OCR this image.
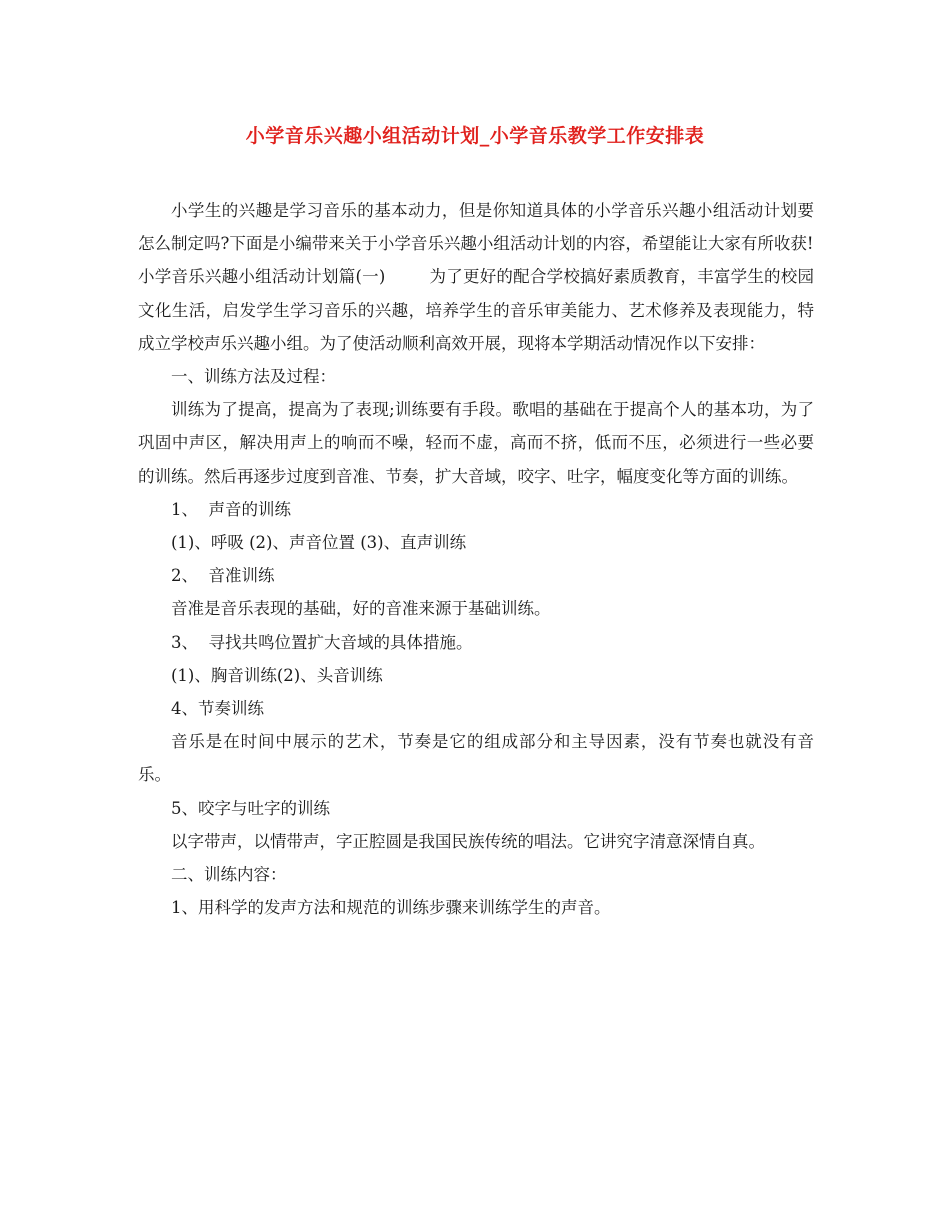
小学音乐兴趣小组活动计划_小学音乐教学工作安排表

小学生的兴趣是学习音乐的基本动力，但是你知道具体的小学音乐兴趣小组活动计划要怎么制定吗?下面是小编带来关于小学音乐兴趣小组活动计划的内容，希望能让大家有所收获!

小学音乐兴趣小组活动计划篇(一)	为了更好的配合学校搞好素质教育，丰富学生的校园文化生活，启发学生学习音乐的兴趣，培养学生的音乐审美能力、艺术修养及表现能力，特成立学校声乐兴趣小组。为了使活动顺利高效开展，现将本学期活动情况作以下安排：

一、训练方法及过程：

训练为了提高，提高为了表现;训练要有手段。歌唱的基础在于提高个人的基本功，为了巩固中声区，解决用声上的响而不噪，轻而不虚，高而不挤，低而不压，必须进行一些必要的训练。然后再逐步过度到音准、节奏，扩大音域，咬字、吐字，幅度变化等方面的训练。

1、  声音的训练

(1)、呼吸 (2)、声音位置 (3)、直声训练

2、  音准训练

音准是音乐表现的基础，好的音准来源于基础训练。

3、  寻找共鸣位置扩大音域的具体措施。

(1)、胸音训练(2)、头音训练

4、节奏训练

音乐是在时间中展示的艺术，节奏是它的组成部分和主导因素，没有节奏也就没有音乐。

5、咬字与吐字的训练

以字带声，以情带声，字正腔圆是我国民族传统的唱法。它讲究字清意深情自真。

二、训练内容：

1、用科学的发声方法和规范的训练步骤来训练学生的声音。
